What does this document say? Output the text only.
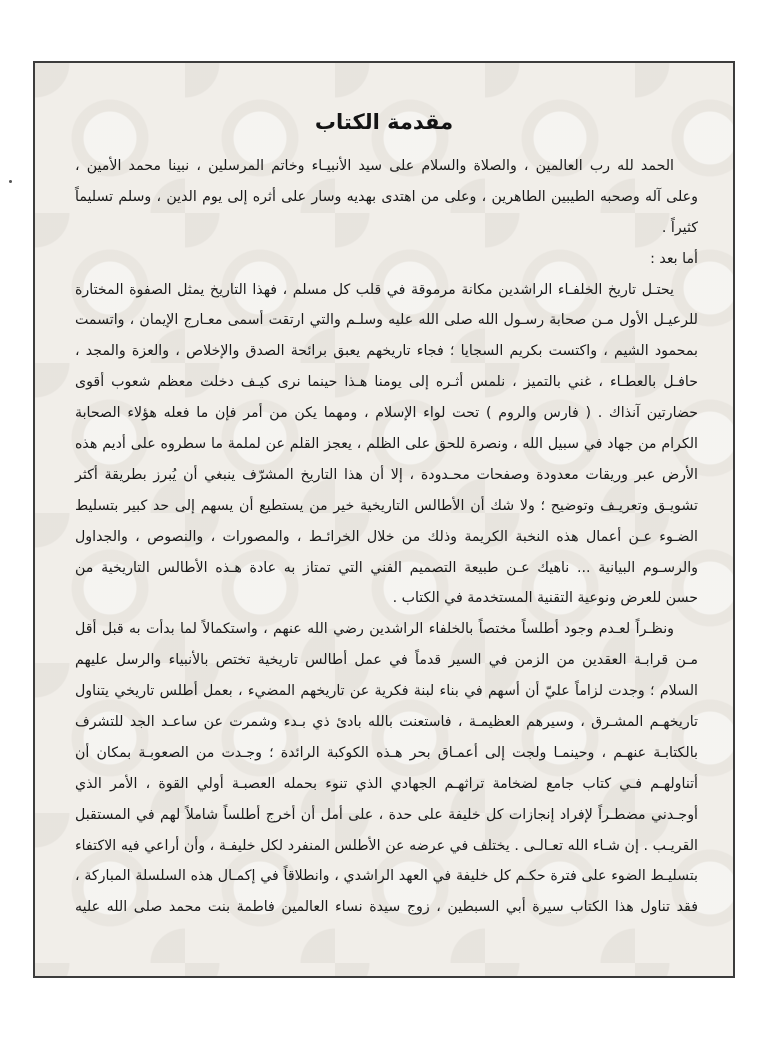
مقدمة الكتاب
الحمد لله رب العالمين ، والصلاة والسلام على سيد الأنبيـاء وخاتم المرسلين ، نبينا محمد الأمين ،
وعلى آله وصحبه الطيبين الطاهرين ، وعلى من اهتدى بهديه وسار على أثره إلى يوم الدين ، وسلم تسليماً
كثيراً .
أما بعد :
يحتـل تاريخ الخلفـاء الراشدين مكانة مرموقة في قلب كل مسلم ، فهذا التاريخ يمثل الصفوة المختارة
للرعيـل الأول مـن صحابة رسـول الله صلى الله عليه وسلـم والتي ارتقت أسمى معـارج الإيمان ، واتسمت
بمحمود الشيم ، واكتست بكريم السجايا ؛ فجاء تاريخهم يعبق برائحة الصدق والإخلاص ، والعزة والمجد ،
حافـل بالعطـاء ، غني بالتميز ، نلمس أثـره إلى يومنا هـذا حينما نرى كيـف دخلت معظم شعوب أقوى
حضارتين آنذاك . ( فارس والروم ) تحت لواء الإسلام ، ومهما يكن من أمر فإن ما فعله هؤلاء الصحابة
الكرام من جهاد في سبيل الله ، ونصرة للحق على الظلم ، يعجز القلم عن لملمة ما سطروه على أديم هذه
الأرض عبر وريقات معدودة وصفحات محـدودة ، إلا أن هذا التاريخ المشرّف ينبغي أن يُبرز بطريقة أكثر
تشويـق وتعريـف وتوضيح ؛ ولا شك أن الأطالس التاريخية خير من يستطيع أن يسهم إلى حد كبير بتسليط
الضـوء عـن أعمال هذه النخبة الكريمة وذلك من خلال الخرائـط ، والمصورات ، والنصوص ، والجداول
والرسـوم البيانية ... ناهيك عـن طبيعة التصميم الفني التي تمتاز به عادة هـذه الأطالس التاريخية من
حسن للعرض ونوعية التقنية المستخدمة في الكتاب .
ونظـراً لعـدم وجود أطلساً مختصاً بالخلفاء الراشدين رضي الله عنهم ، واستكمالاً لما بدأت به قبل أقل
مـن قرابـة العقدين من الزمن في السير قدماً في عمل أطالس تاريخية تختص بالأنبياء والرسل عليهم
السلام ؛ وجدت لزاماً عليّ أن أسهم في بناء لبنة فكرية عن تاريخهم المضيء ، بعمل أطلس تاريخي يتناول
تاريخهـم المشـرق ، وسيرهم العظيمـة ، فاستعنت بالله بادئ ذي بـدء وشمرت عن ساعـد الجد للتشرف
بالكتابـة عنهـم ، وحينمـا ولجت إلى أعمـاق بحر هـذه الكوكبة الرائدة ؛ وجـدت من الصعوبـة بمكان أن
أتناولهـم فـي كتاب جامع لضخامة تراثهـم الجهادي الذي تنوء بحمله العصبـة أولي القوة ، الأمر الذي
أوجـدني مضطـراً لإفراد إنجازات كل خليفة على حدة ، على أمل أن أخرج أطلساً شاملاً لهم في المستقبل
القريـب . إن شـاء الله تعـالـى . يختلف في عرضه عن الأطلس المنفرد لكل خليفـة ، وأن أراعي فيه الاكتفاء
بتسليـط الضوء على فترة حكـم كل خليفة في العهد الراشدي ، وانطلاقاً في إكمـال هذه السلسلة المباركة ،
فقد تناول هذا الكتاب سيرة أبي السبطين ، زوج سيدة نساء العالمين فاطمة بنت محمد صلى الله عليه
